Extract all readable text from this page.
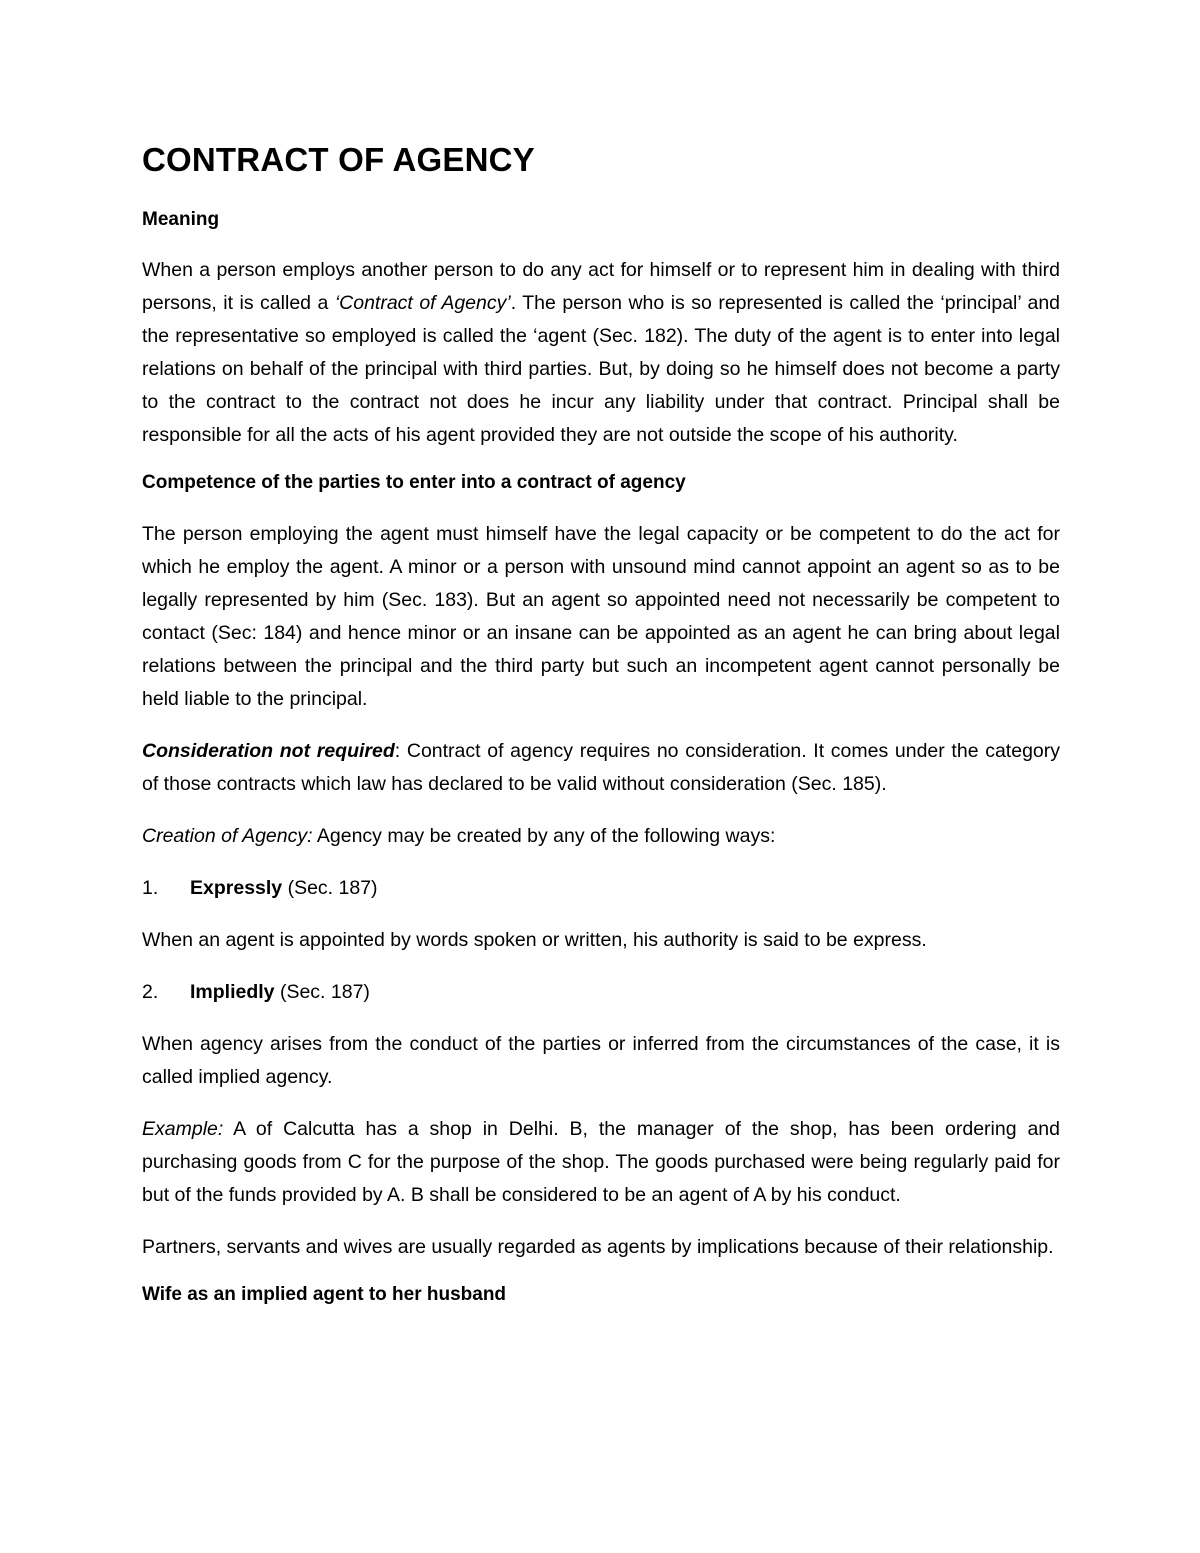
CONTRACT OF AGENCY
Meaning

When a person employs another person to do any act for himself or to represent him in dealing with third persons, it is called a ‘Contract of Agency’. The person who is so represented is called the ‘principal’ and the representative so employed is called the ‘agent (Sec. 182). The duty of the agent is to enter into legal relations on behalf of the principal with third parties. But, by doing so he himself does not become a party to the contract to the contract not does he incur any liability under that contract. Principal shall be responsible for all the acts of his agent provided they are not outside the scope of his authority.

Competence of the parties to enter into a contract of agency

The person employing the agent must himself have the legal capacity or be competent to do the act for which he employ the agent. A minor or a person with unsound mind cannot appoint an agent so as to be legally represented by him (Sec. 183). But an agent so appointed need not necessarily be competent to contact (Sec: 184) and hence minor or an insane can be appointed as an agent he can bring about legal relations between the principal and the third party but such an incompetent agent cannot personally be held liable to the principal.

Consideration not required: Contract of agency requires no consideration. It comes under the category of those contracts which law has declared to be valid without consideration (Sec. 185).

Creation of Agency: Agency may be created by any of the following ways:

1.	Expressly (Sec. 187)

When an agent is appointed by words spoken or written, his authority is said to be express.

2.	Impliedly (Sec. 187)

When agency arises from the conduct of the parties or inferred from the circumstances of the case, it is called implied agency.

Example: A of Calcutta has a shop in Delhi. B, the manager of the shop, has been ordering and purchasing goods from C for the purpose of the shop. The goods purchased were being regularly paid for but of the funds provided by A. B shall be considered to be an agent of A by his conduct.

Partners, servants and wives are usually regarded as agents by implications because of their relationship.

Wife as an implied agent to her husband
